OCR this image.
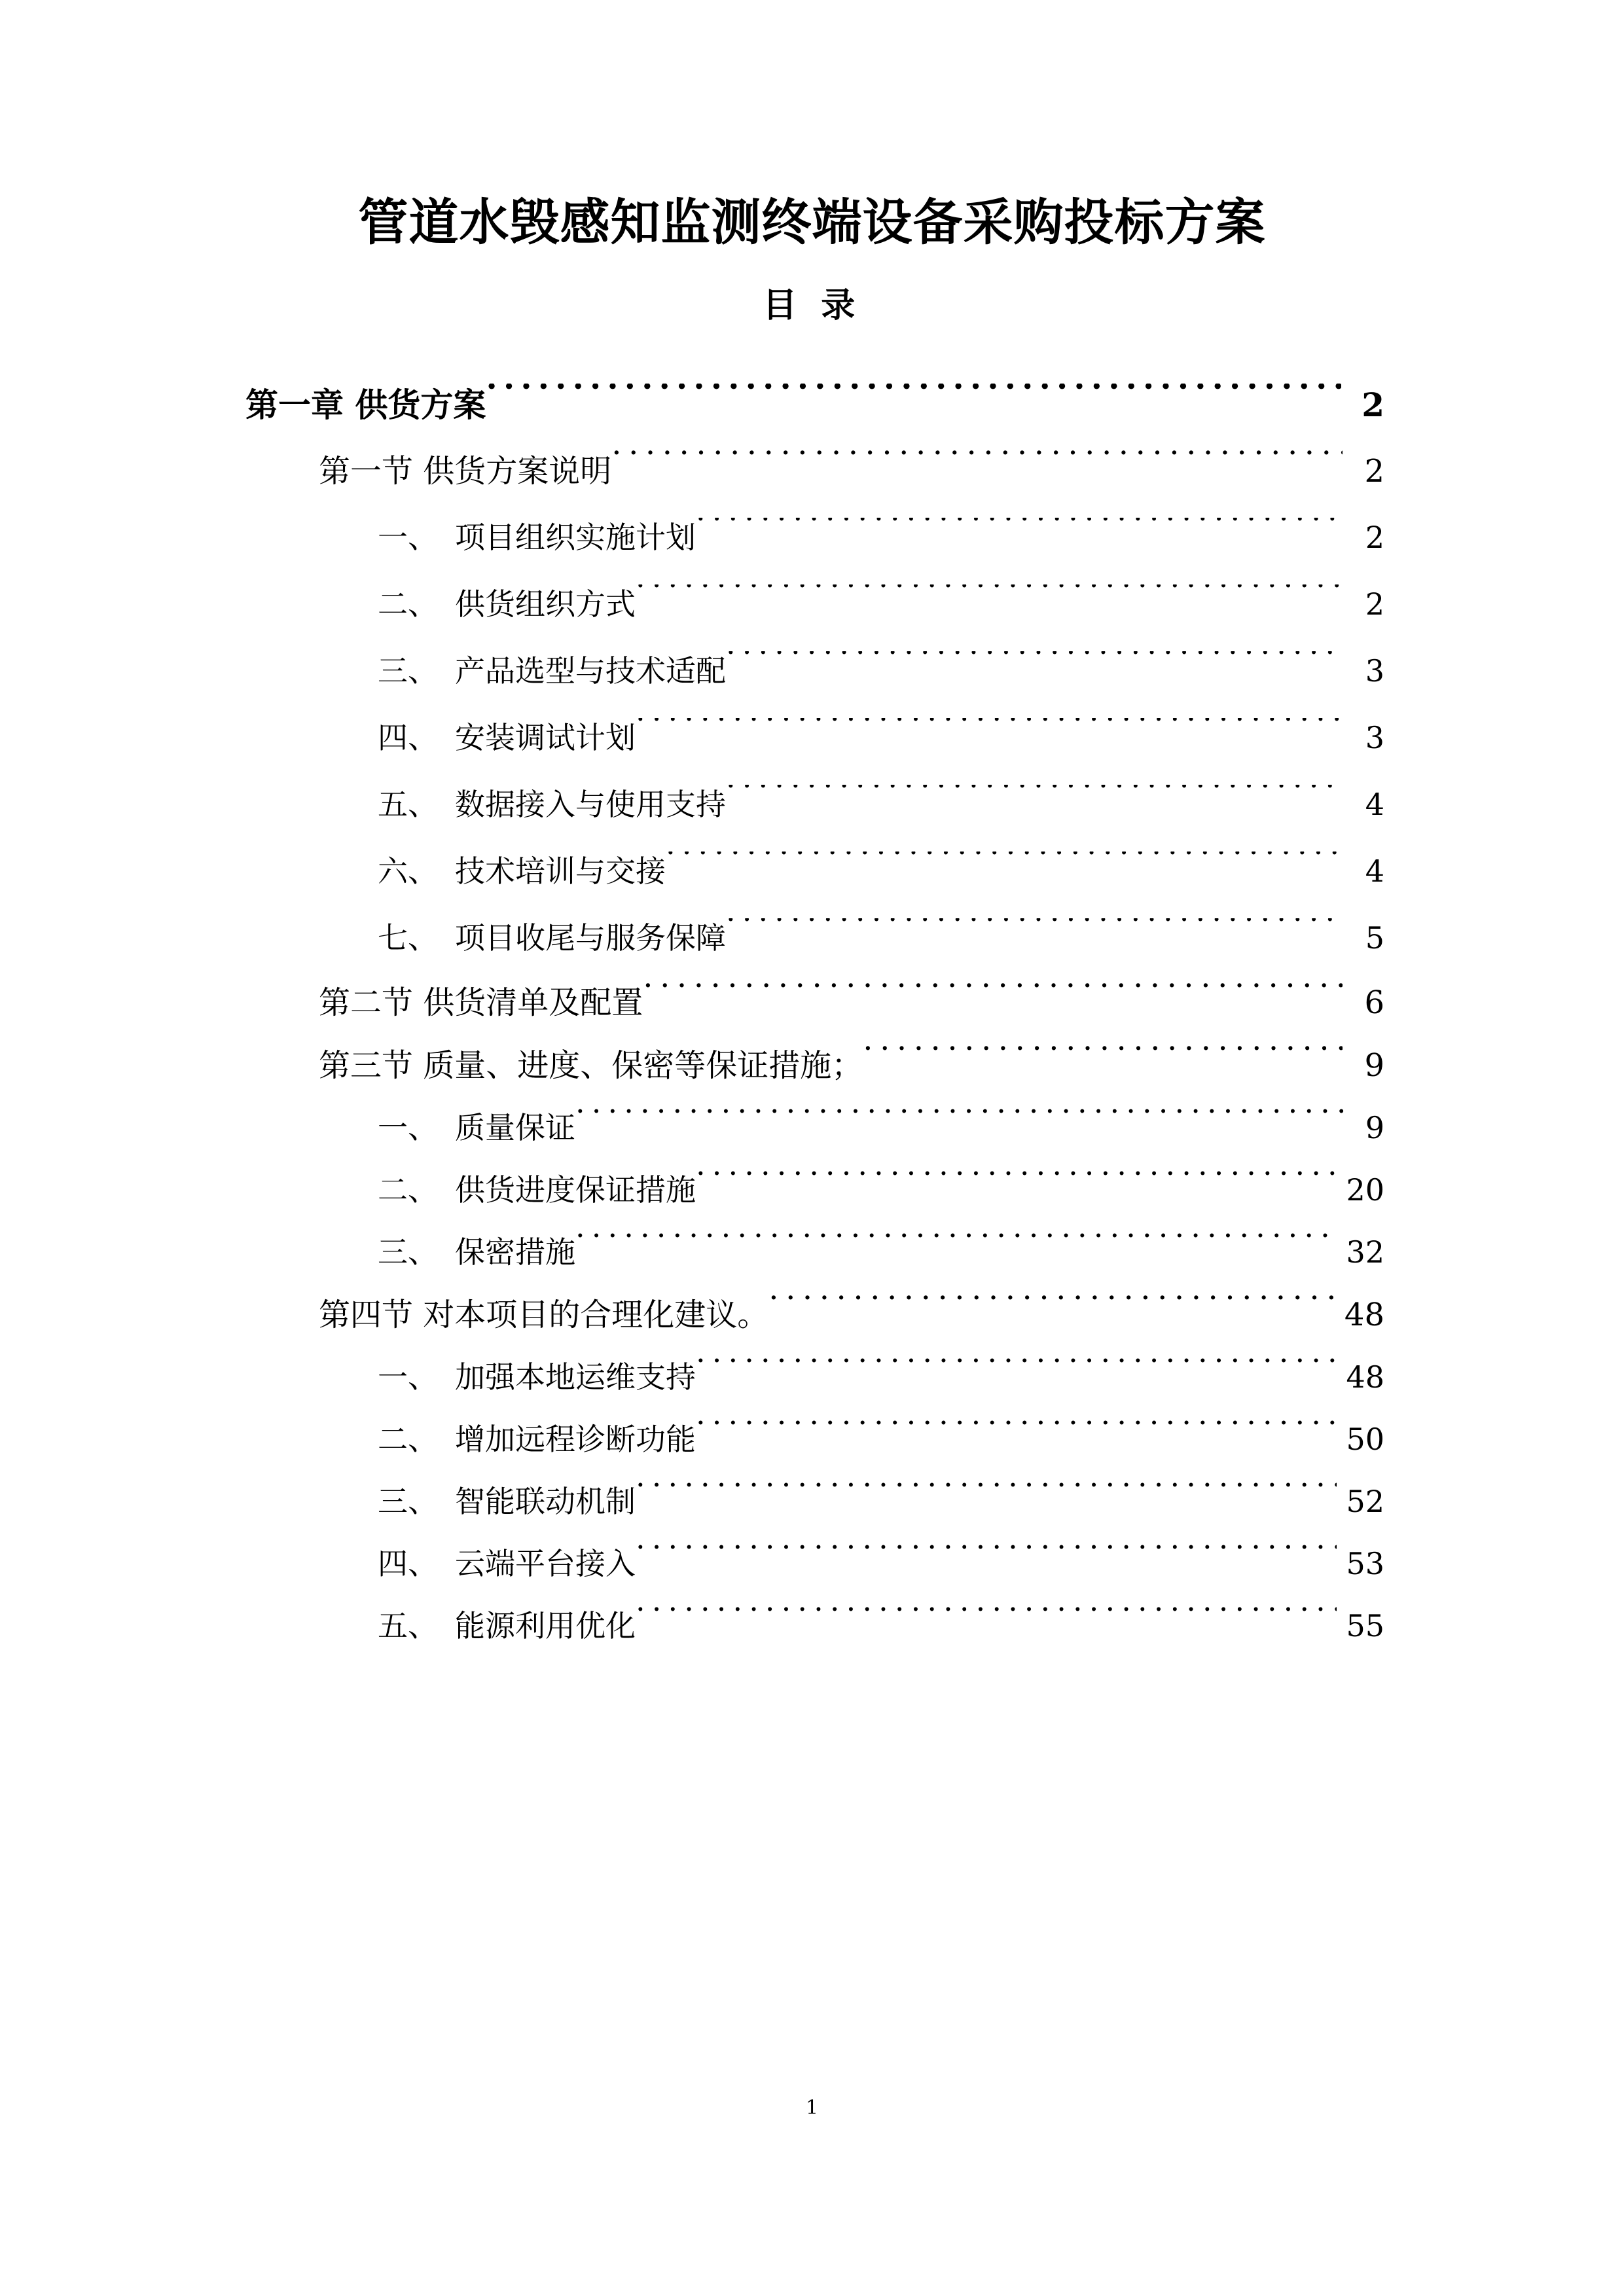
管道水毁感知监测终端设备采购投标方案
目 录
第一章 供货方案 .....	2
第一节 供货方案说明 .....	2
一、 项目组织实施计划 .....	2
二、 供货组织方式 .....	2
三、 产品选型与技术适配 .....	3
四、 安装调试计划 .....	3
五、 数据接入与使用支持 .....	4
六、 技术培训与交接 .....	4
七、 项目收尾与服务保障 .....	5
第二节 供货清单及配置 .....	6
第三节 质量、进度、保密等保证措施； .....	9
一、 质量保证 .....	9
二、 供货进度保证措施 .....	20
三、 保密措施 .....	32
第四节 对本项目的合理化建议。 .....	48
一、 加强本地运维支持 .....	48
二、 增加远程诊断功能 .....	50
三、 智能联动机制 .....	52
四、 云端平台接入 .....	53
五、 能源利用优化 .....	55
1
